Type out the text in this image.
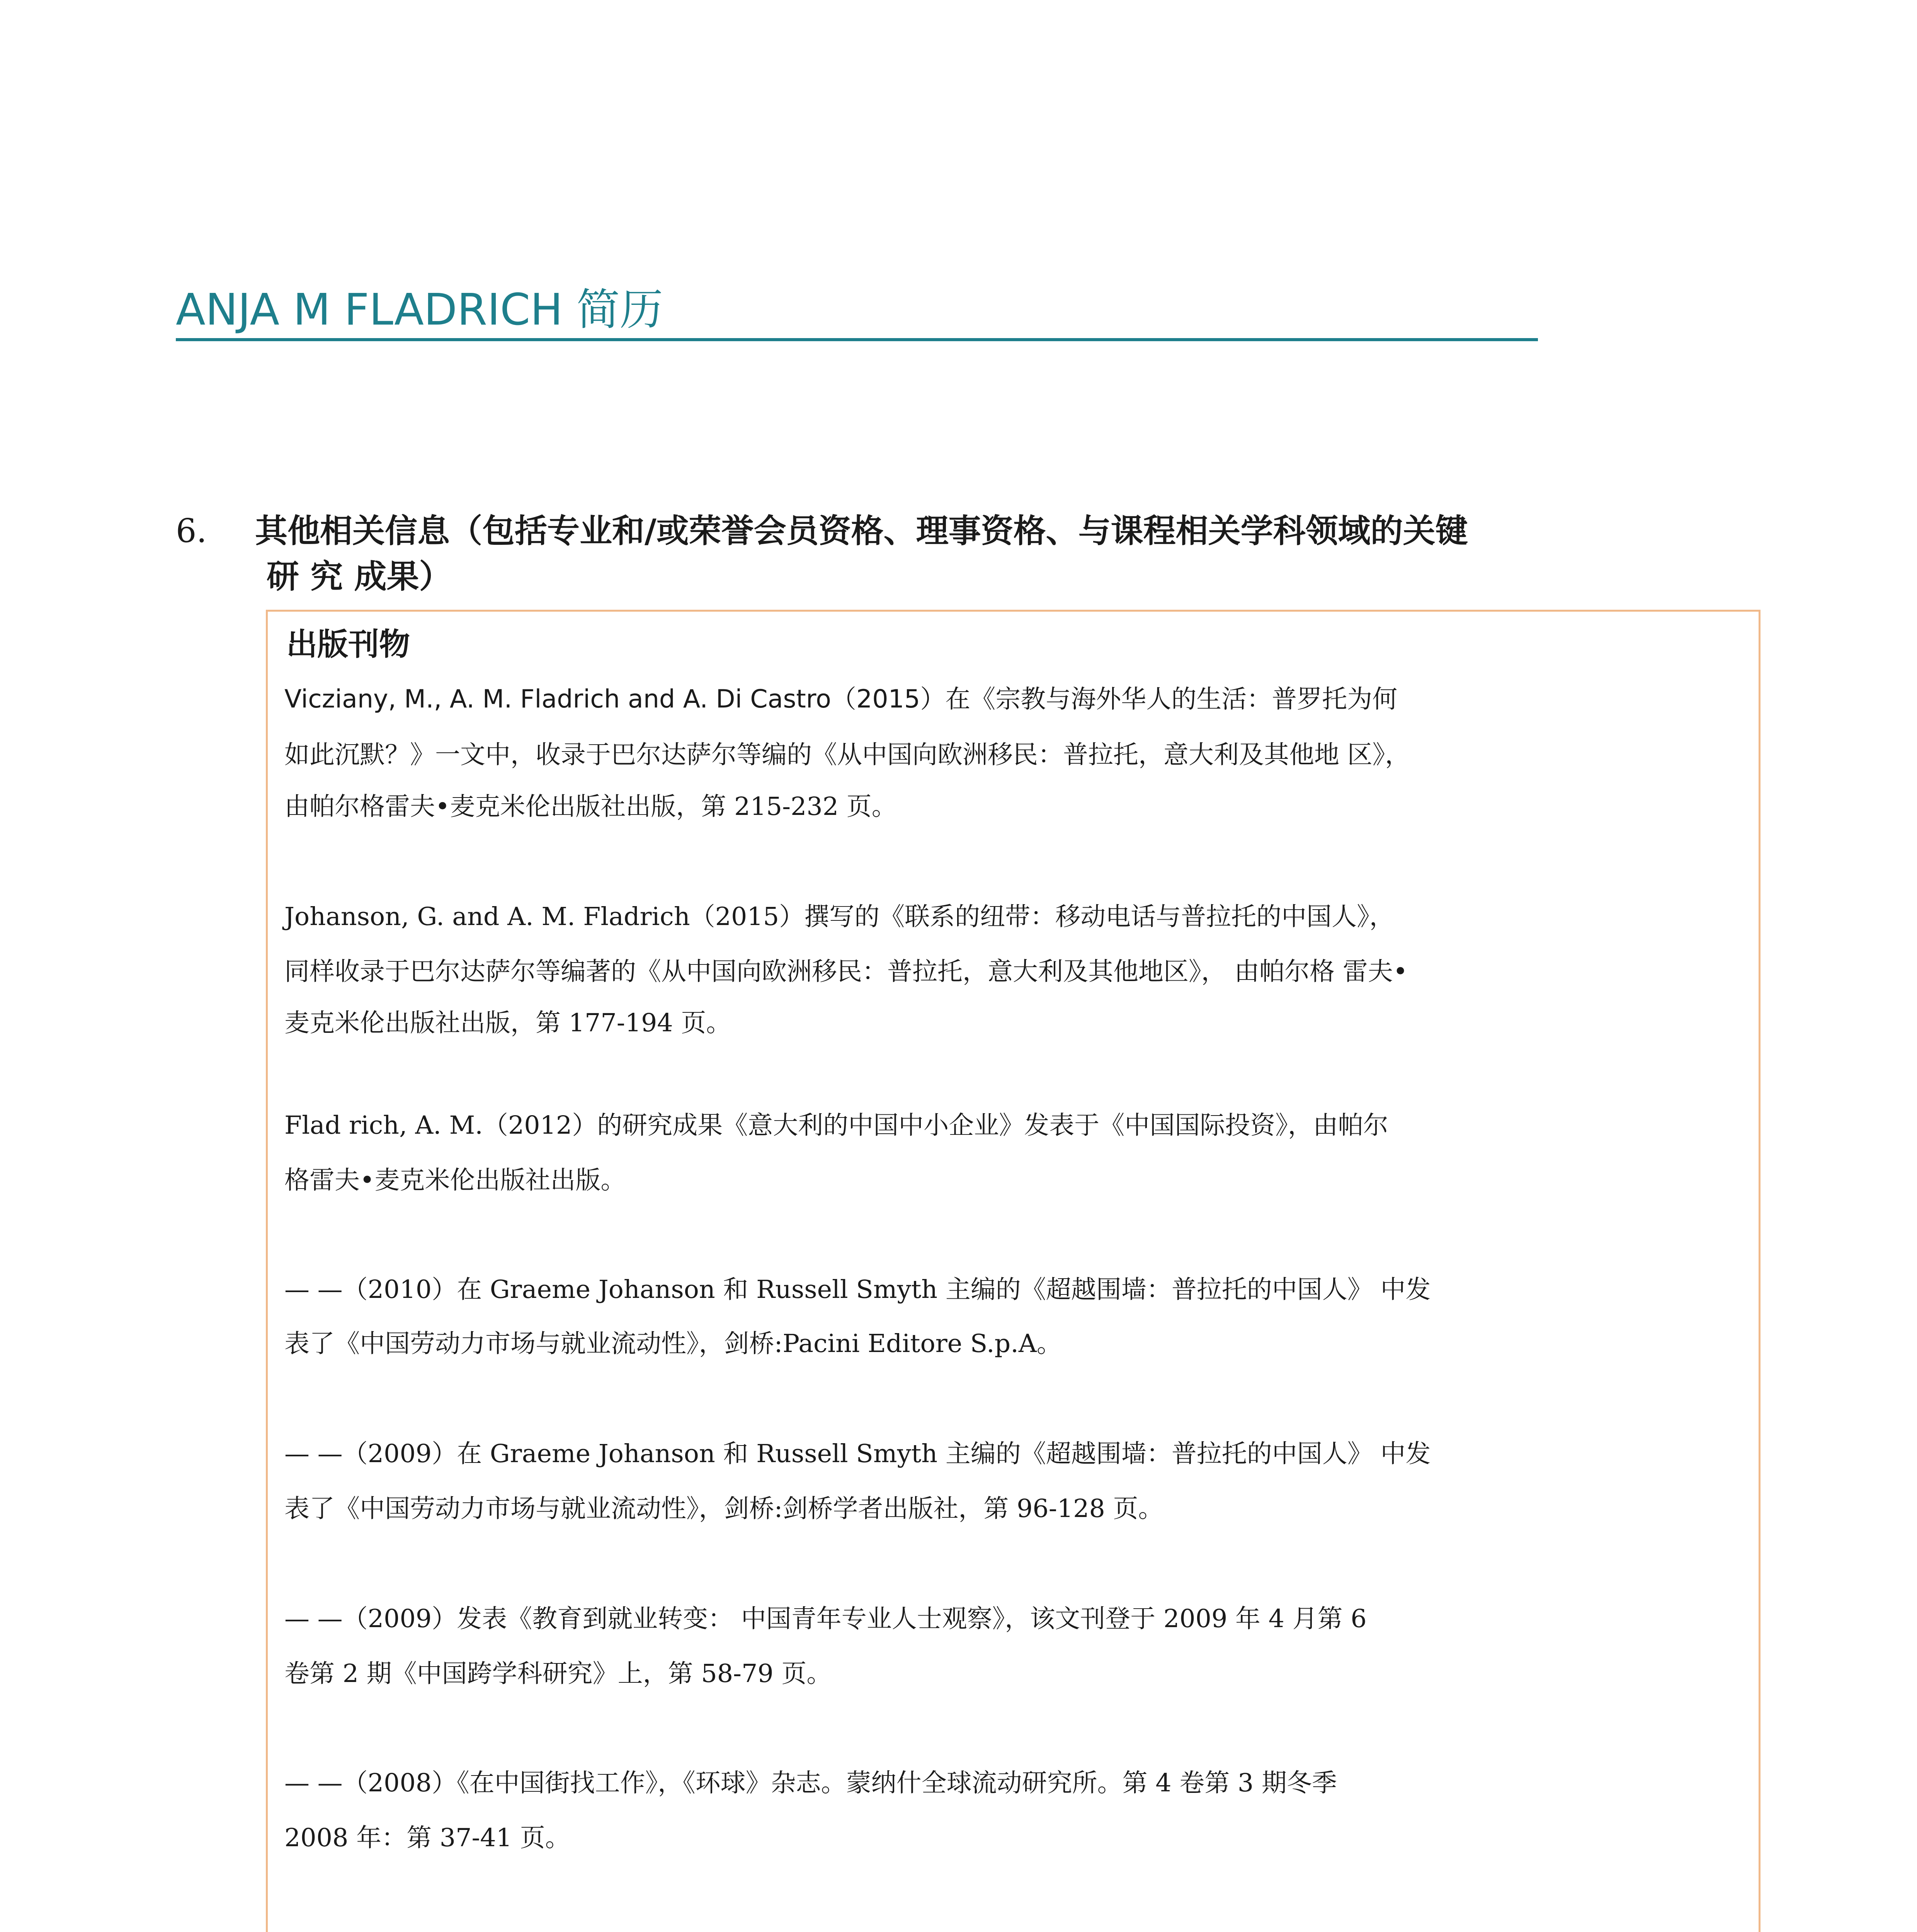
ANJA M FLADRICH 简历
6. 其他相关信息（包括专业和/或荣誉会员资格、理事资格、与课程相关学科领域的关键
研 究 成果）
出版刊物
Vicziany, M., A. M. Fladrich and A. Di Castro（2015）在《宗教与海外华人的生活：普罗托为何
如此沉默？》一文中，收录于巴尔达萨尔等编的《从中国向欧洲移民：普拉托，意大利及其他地 区》，
由帕尔格雷夫•麦克米伦出版社出版，第 215-232 页。
Johanson, G. and A. M. Fladrich（2015）撰写的《联系的纽带：移动电话与普拉托的中国人》，
同样收录于巴尔达萨尔等编著的《从中国向欧洲移民：普拉托，意大利及其他地区》， 由帕尔格 雷夫•
麦克米伦出版社出版，第 177-194 页。
Flad rich, A. M.（2012）的研究成果《意大利的中国中小企业》发表于《中国国际投资》，由帕尔
格雷夫•麦克米伦出版社出版。
— —（2010）在 Graeme Johanson 和 Russell Smyth 主编的《超越围墙：普拉托的中国人》 中发
表了《中国劳动力市场与就业流动性》，剑桥:Pacini Editore S.p.A。
— —（2009）在 Graeme Johanson 和 Russell Smyth 主编的《超越围墙：普拉托的中国人》 中发
表了《中国劳动力市场与就业流动性》，剑桥:剑桥学者出版社，第 96-128 页。
— —（2009）发表《教育到就业转变： 中国青年专业人士观察》，该文刊登于 2009 年 4 月第 6
卷第 2 期《中国跨学科研究》上，第 58-79 页。
— —（2008）《在中国街找工作》，《环球》杂志。蒙纳什全球流动研究所。第 4 卷第 3 期冬季
2008 年：第 37-41 页。
